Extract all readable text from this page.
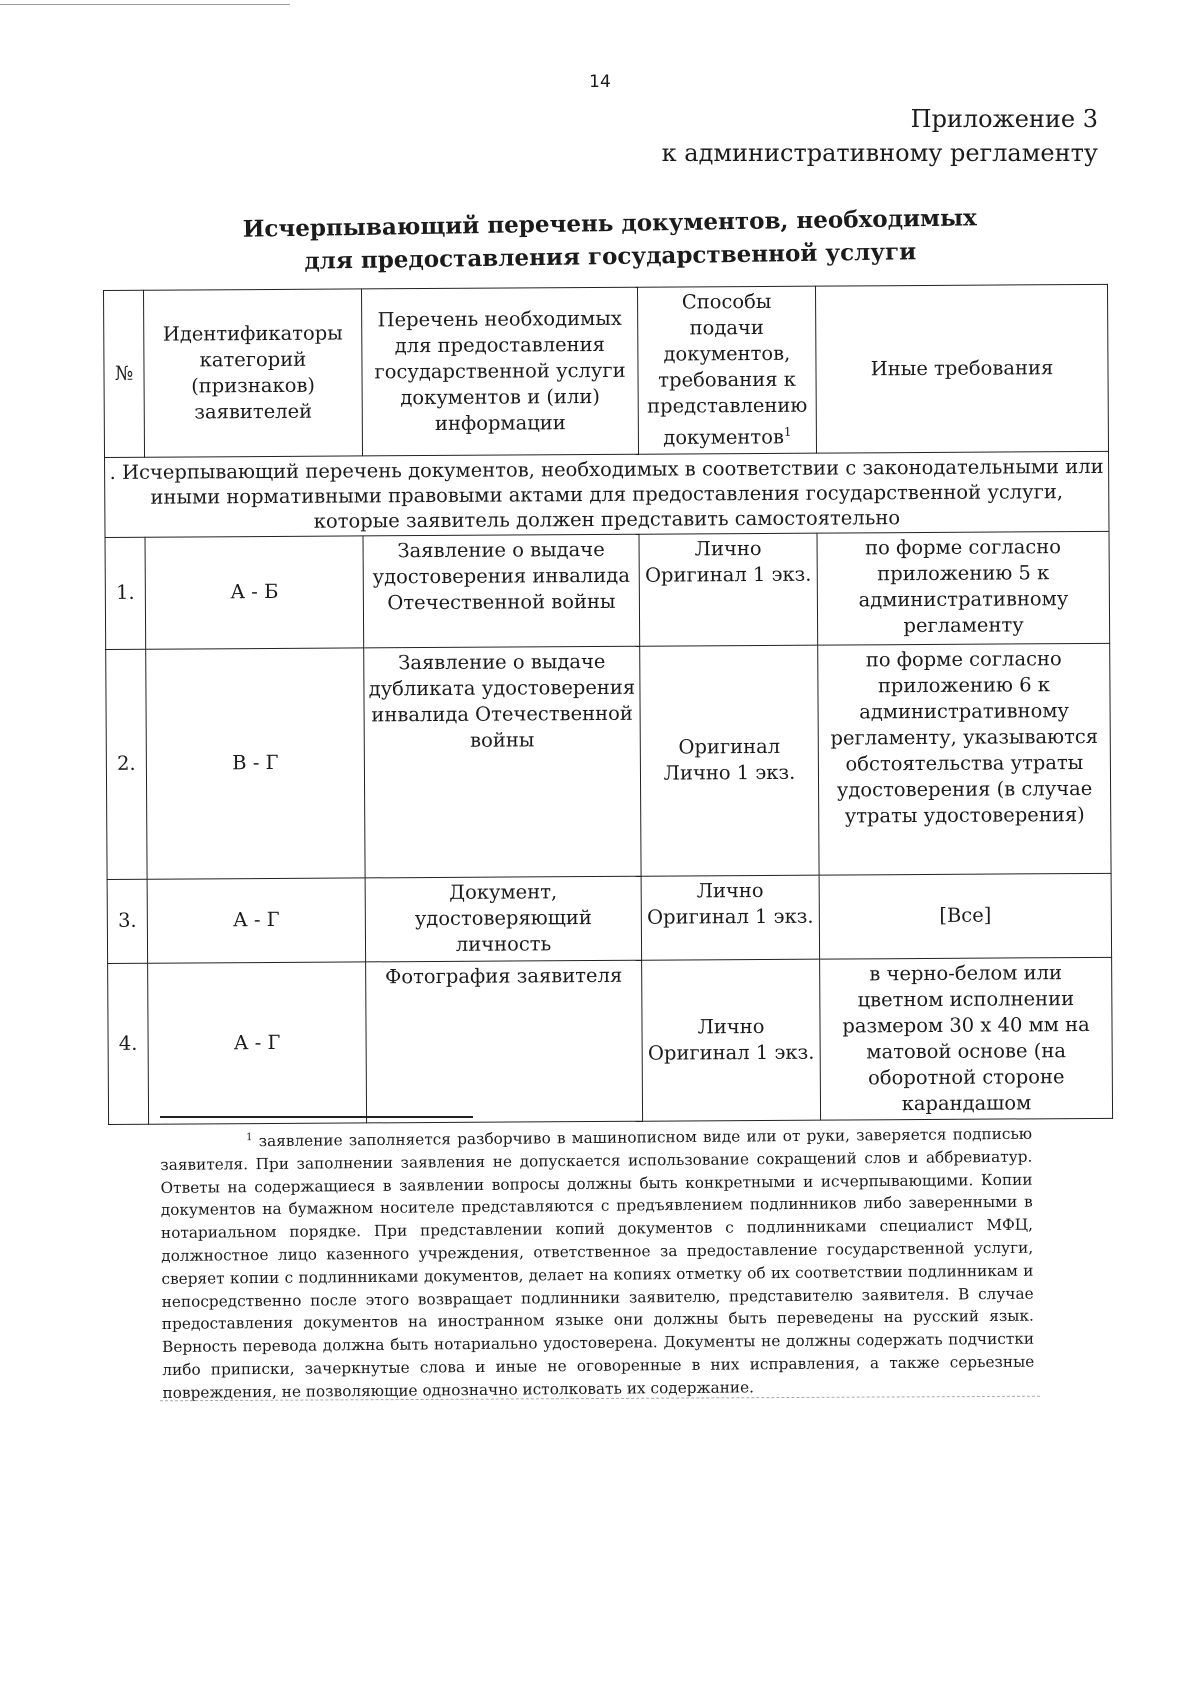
14
Приложение 3
к административному регламенту
Исчерпывающий перечень документов, необходимых
для предоставления государственной услуги
№	Идентификаторы категорий (признаков) заявителей	Перечень необходимых для предоставления государственной услуги документов и (или) информации	Способы подачи документов, требования к представлению документов$^1$	Иные требования
. Исчерпывающий перечень документов, необходимых в соответствии с законодательными или иными нормативными правовыми актами для предоставления государственной услуги, которые заявитель должен представить самостоятельно				
1.	А - Б	Заявление о выдаче удостоверения инвалида Отечественной войны	Лично Оригинал 1 экз.	по форме согласно приложению 5 к административному регламенту
2.	В - Г	Заявление о выдаче дубликата удостоверения инвалида Отечественной войны	Оригинал Лично 1 экз.	по форме согласно приложению 6 к административному регламенту, указываются обстоятельства утраты удостоверения (в случае утраты удостоверения)
3.	А - Г	Документ, удостоверяющий личность	Лично Оригинал 1 экз.	[Все]
4.	А - Г	Фотография заявителя	Лично Оригинал 1 экз.	в черно-белом или цветном исполнении размером 30 х 40 мм на матовой основе (на оборотной стороне карандашом
$^1$ заявление заполняется разборчиво в машинописном виде или от руки, заверяется подписью заявителя. При заполнении заявления не допускается использование сокращений слов и аббревиатур. Ответы на содержащиеся в заявлении вопросы должны быть конкретными и исчерпывающими. Копии документов на бумажном носителе представляются с предъявлением подлинников либо заверенными в нотариальном порядке. При представлении копий документов с подлинниками специалист МФЦ, должностное лицо казенного учреждения, ответственное за предоставление государственной услуги, сверяет копии с подлинниками документов, делает на копиях отметку об их соответствии подлинникам и непосредственно после этого возвращает подлинники заявителю, представителю заявителя. В случае предоставления документов на иностранном языке они должны быть переведены на русский язык. Верность перевода должна быть нотариально удостоверена. Документы не должны содержать подчистки либо приписки, зачеркнутые слова и иные не оговоренные в них исправления, а также серьезные повреждения, не позволяющие однозначно истолковать их содержание.
